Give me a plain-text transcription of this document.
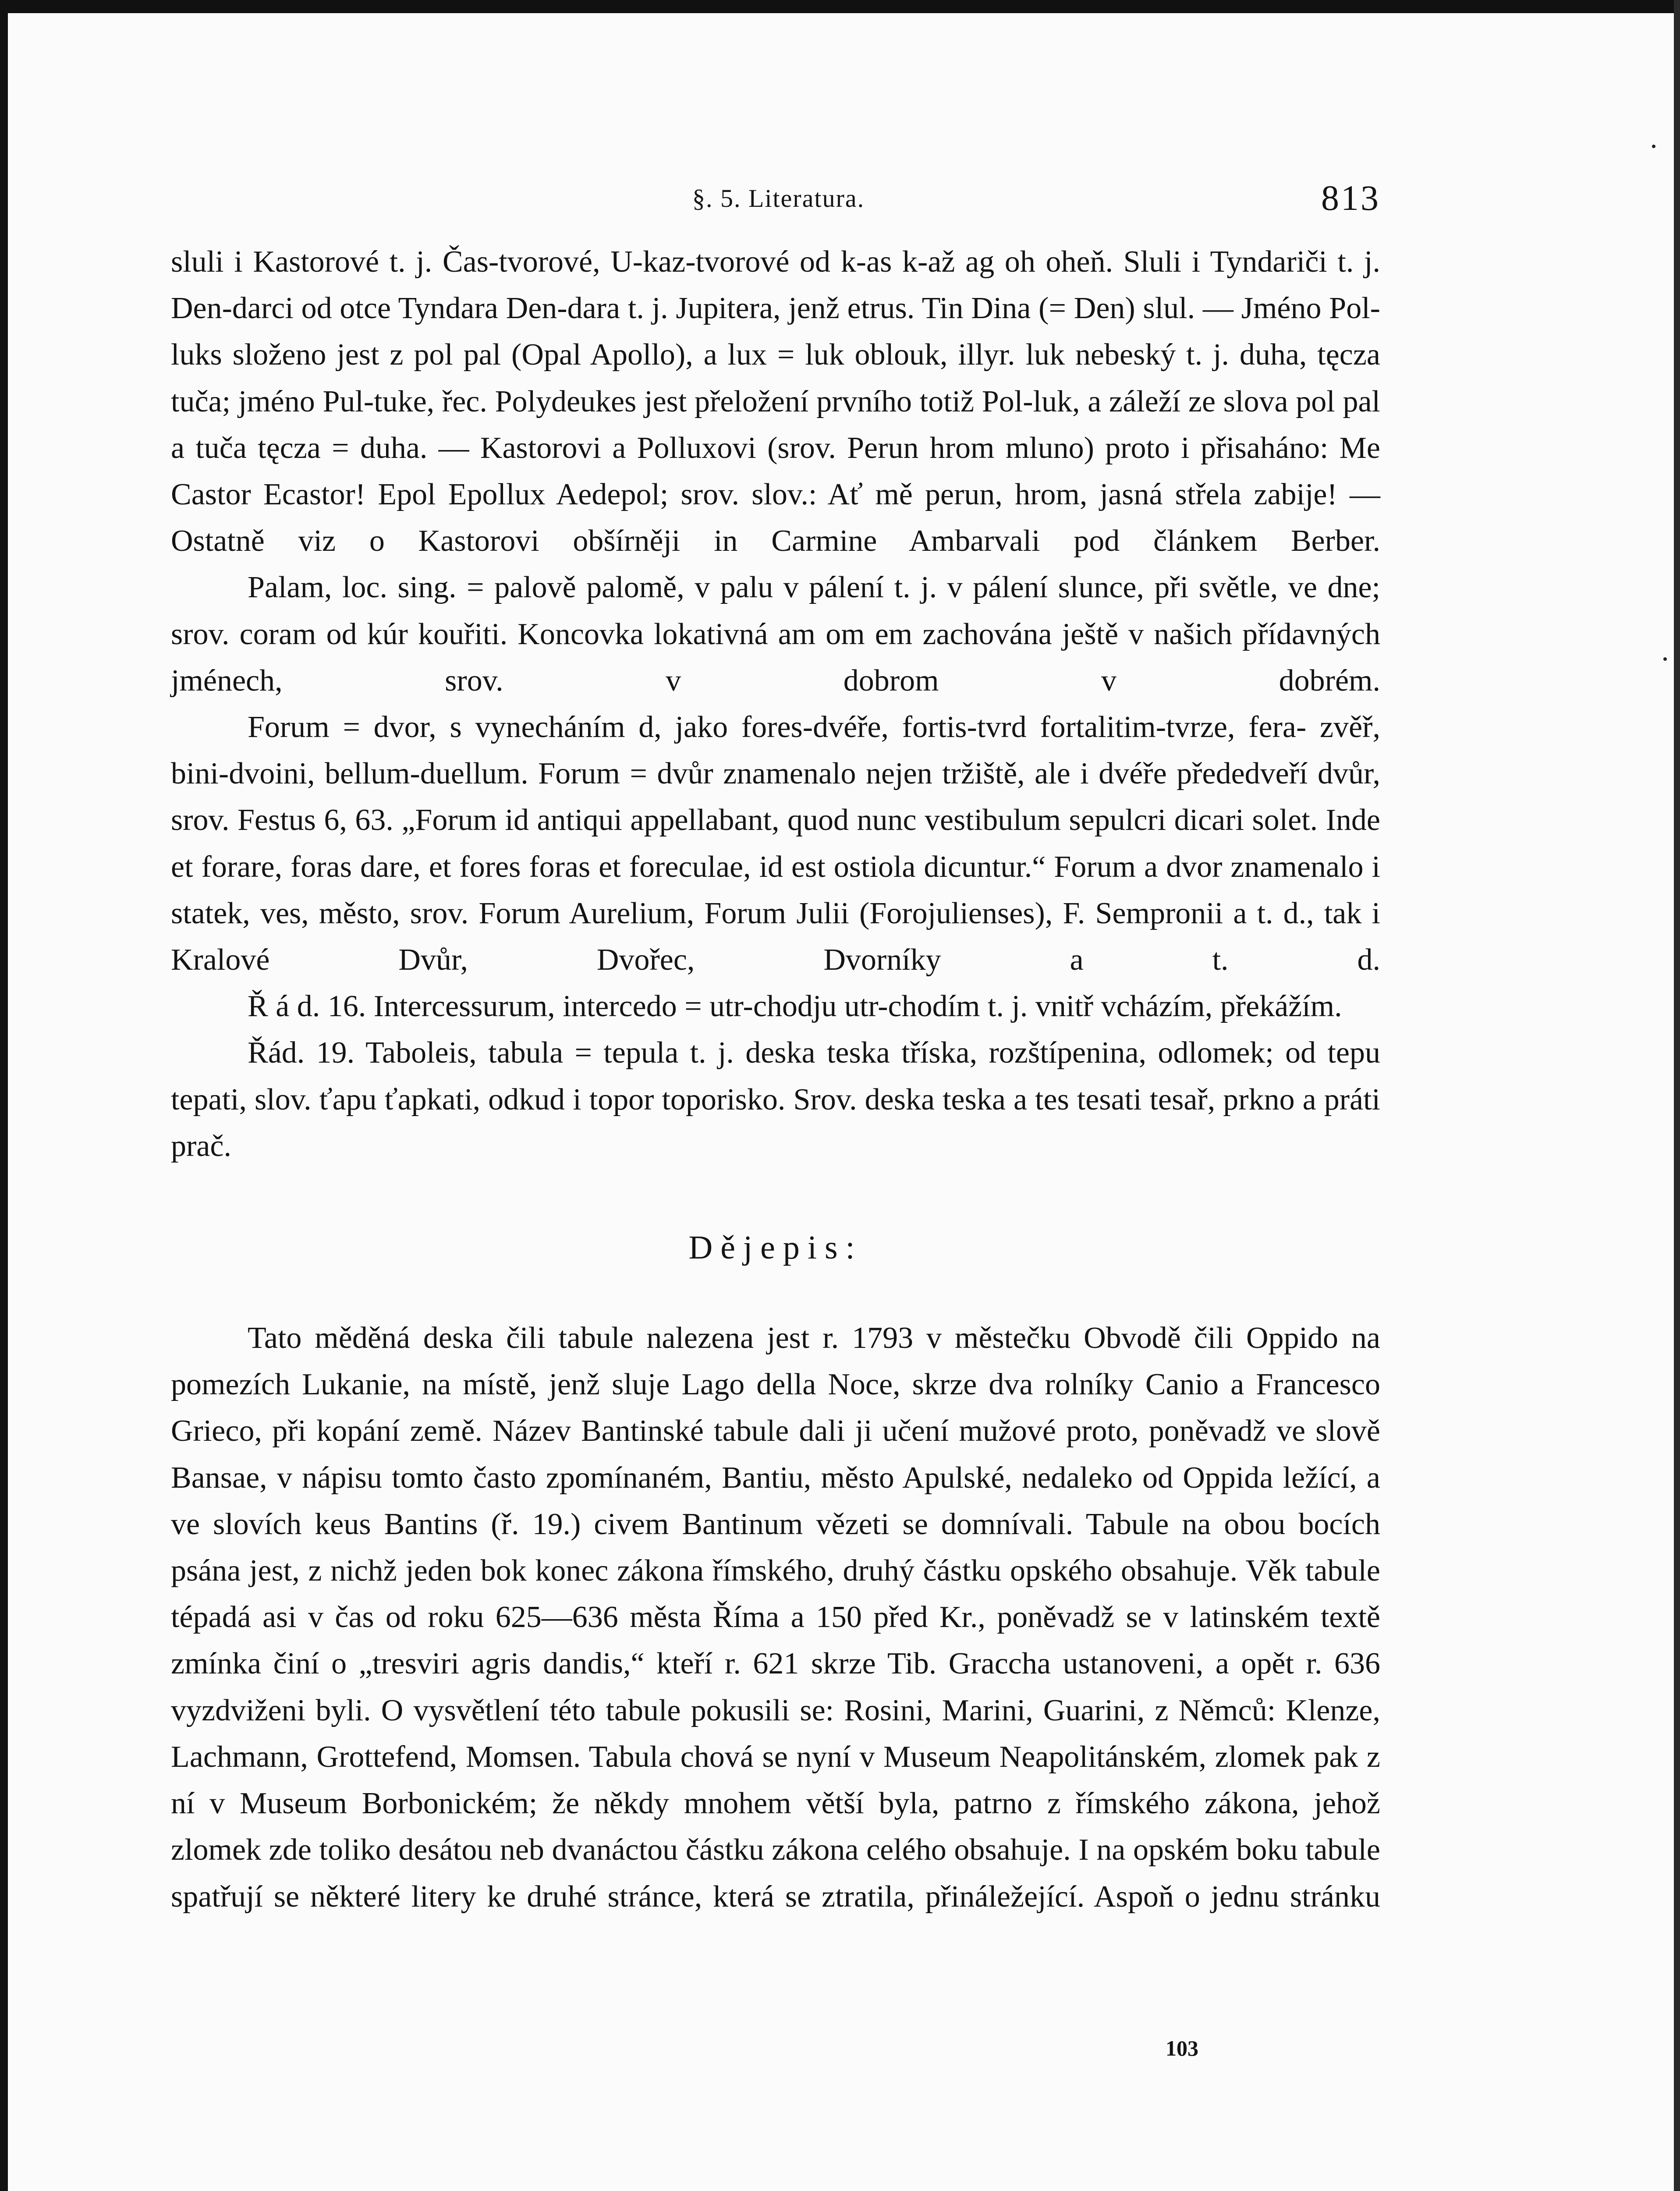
§. 5. Literatura.	813

sluli i Kastorové t. j. Čas-tvorové, U-kaz-tvorové od k-as k-až ag oh oheň. Sluli i Tyndariči t. j. Den-darci od otce Tyndara Den-dara t. j. Jupitera, jenž etrus. Tin Dina (= Den) slul. — Jméno Pol-luks složeno jest z pol pal (Opal Apollo), a lux = luk oblouk, illyr. luk nebeský t. j. duha, tęcza tuča; jméno Pul-tuke, řec. Polydeukes jest přeložení prvního totiž Pol-luk, a záleží ze slova pol pal a tuča tęcza = duha. — Kastorovi a Polluxovi (srov. Perun hrom mluno) proto i přisaháno: Me Castor Ecastor! Epol Epollux Aedepol; srov. slov.: Ať mě perun, hrom, jasná střela zabije! — Ostatně viz o Kastorovi obšírněji in Carmine Ambarvali pod článkem Berber.

Palam, loc. sing. = palově palomě, v palu v pálení t. j. v pálení slunce, při světle, ve dne; srov. coram od kúr kouřiti. Koncovka lokativná am om em zachována ještě v našich přídavných jménech, srov. v dobrom v dobrém.

Forum = dvor, s vynecháním d, jako fores-dvéře, fortis-tvrd fortalitim-tvrze, fera- zvěř, bini-dvoini, bellum-duellum. Forum = dvůr znamenalo nejen tržiště, ale i dvéře přededveří dvůr, srov. Festus 6, 63. „Forum id antiqui appellabant, quod nunc vestibulum sepulcri dicari solet. Inde et forare, foras dare, et fores foras et foreculae, id est ostiola dicuntur.“ Forum a dvor znamenalo i statek, ves, město, srov. Forum Aurelium, Forum Julii (Forojulienses), F. Sempronii a t. d., tak i Kralové Dvůr, Dvořec, Dvorníky a t. d.

Ř á d. 16. Intercessurum, intercedo = utr-chodju utr-chodím t. j. vnitř vcházím, překážím.

Řád. 19. Taboleis, tabula = tepula t. j. deska teska tříska, rozštípenina, odlomek; od tepu tepati, slov. ťapu ťapkati, odkud i topor toporisko. Srov. deska teska a tes tesati tesař, prkno a práti prač.

Dějepis:

Tato měděná deska čili tabule nalezena jest r. 1793 v městečku Obvodě čili Oppido na pomezích Lukanie, na místě, jenž sluje Lago della Noce, skrze dva rolníky Canio a Francesco Grieco, při kopání země. Název Bantinské tabule dali ji učení mužové proto, poněvadž ve slově Bansae, v nápisu tomto často zpomínaném, Bantiu, město Apulské, nedaleko od Oppida ležící, a ve slovích keus Bantins (ř. 19.) civem Bantinum vězeti se domnívali. Tabule na obou bocích psána jest, z nichž jeden bok konec zákona římského, druhý částku opského obsahuje. Věk tabule tépadá asi v čas od roku 625—636 města Říma a 150 před Kr., poněvadž se v latinském textě zmínka činí o „tresviri agris dandis,“ kteří r. 621 skrze Tib. Graccha ustanoveni, a opět r. 636 vyzdviženi byli. O vysvětlení této tabule pokusili se: Rosini, Marini, Guarini, z Němců: Klenze, Lachmann, Grottefend, Momsen. Tabula chová se nyní v Museum Neapolitánském, zlomek pak z ní v Museum Borbonickém; že někdy mnohem větší byla, patrno z římského zákona, jehož zlomek zde toliko desátou neb dvanáctou částku zákona celého obsahuje. I na opském boku tabule spatřují se některé litery ke druhé stránce, která se ztratila, přináležející. Aspoň o jednu stránku

103
